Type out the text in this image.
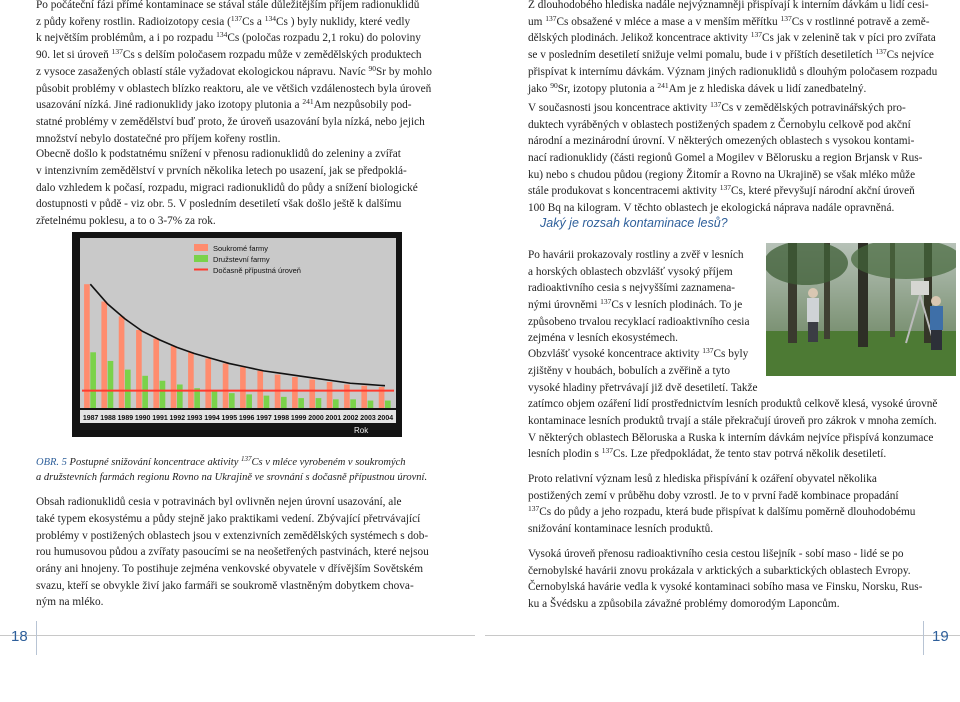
Po počáteční fázi přímé kontaminace se stával stále důležitějším příjem radionuklidů

z půdy kořeny rostlin. Radioizotopy cesia ($^{137}$Cs a $^{134}$Cs ) byly nuklidy, které vedly

k největším problémům, a i po rozpadu $^{134}$Cs (poločas rozpadu 2,1 roku) do poloviny

90. let si úroveň $^{137}$Cs s delším poločasem rozpadu může v zemědělských produktech

z vysoce zasažených oblastí stále vyžadovat ekologickou nápravu. Navíc $^{90}$Sr by mohlo

působit problémy v oblastech blízko reaktoru, ale ve většich vzdálenostech byla úroveň

usazování nízká. Jiné radionuklidy jako izotopy plutonia a $^{241}$Am nezpůsobily pod-

statné problémy v zemědělství buď proto, že úroveň usazování byla nízká, nebo jejich

množství nebylo dostatečné pro příjem kořeny rostlin.

Obecně došlo k podstatnému snížení v přenosu radionuklidů do zeleniny a zvířat

v intenzivním zemědělství v prvních několika letech po usazení, jak se předpoklá-

dalo vzhledem k počasí, rozpadu, migraci radionuklidů do půdy a snížení biologické

dostupnosti v půdě - viz obr. 5. V posledním desetiletí však došlo ještě k dalšímu

zřetelnému poklesu, a to o 3-7% za rok.

1987 1988 1989 1990 1991 1992 1993 1994 1995 1996 1997 1998 1999 2000 2001 2002 2003 2004
Rok
Soukromé farmy
Družstevní farmy
Dočasně přípustná úroveň

OBR. 5 Postupné snižování koncentrace aktivity $^{137}$Cs v mléce vyrobeném v soukromých

a družstevních farmách regionu Rovno na Ukrajině ve srovnání s dočasně přípustnou úrovní.

Obsah radionuklidů cesia v potravinách byl ovlivněn nejen úrovní usazování, ale

také typem ekosystému a půdy stejně jako praktikami vedení. Zbývající přetrvávající

problémy v postižených oblastech jsou v extenzivních zemědělských systémech s dob-

rou humusovou půdou a zvířaty pasoucími se na neošetřených pastvinách, které nejsou

orány ani hnojeny. To postihuje zejména venkovské obyvatele v dřívějším Sovětském

svazu, kteří se obvykle živí jako farmáři se soukromě vlastněným dobytkem chova-

ným na mléko.

Z dlouhodobého hlediska nadále nejvýznamněji přispívají k interním dávkám u lidí cesi-

um $^{137}$Cs obsažené v mléce a mase a v menším měřítku $^{137}$Cs v rostlinné potravě a země-

dělských plodinách. Jelikož koncentrace aktivity $^{137}$Cs jak v zelenině tak v píci pro zvířata

se v posledním desetiletí snižuje velmi pomalu, bude i v příštích desetiletích $^{137}$Cs nejvíce

přispívat k internímu dávkám. Význam jiných radionuklidů s dlouhým poločasem rozpadu

jako $^{90}$Sr, izotopy plutonia a $^{241}$Am je z hlediska dávek u lidí zanedbatelný.

V současnosti jsou koncentrace aktivity $^{137}$Cs v zemědělských potravinářských pro-

duktech vyráběných v oblastech postižených spadem z Černobylu celkově pod akční

národní a mezinárodní úrovní. V některých omezených oblastech s vysokou kontami-

nací radionuklidy (části regionů Gomel a Mogilev v Bělorusku a region Brjansk v Rus-

ku) nebo s chudou půdou (regiony Žitomír a Rovno na Ukrajině) se však mléko může

stále produkovat s koncentracemi aktivity $^{137}$Cs, které převyšují národní akční úroveň

100 Bq na kilogram. V těchto oblastech je ekologická náprava nadále opravněná.

Jaký je rozsah kontaminace lesů?

Po havárii prokazovaly rostliny a zvěř v lesních

a horských oblastech obzvlášť vysoký příjem

radioaktivního cesia s nejvyššími zaznamena-

nými úrovněmi $^{137}$Cs v lesních plodinách. To je

způsobeno trvalou recyklací radioaktivního cesia

zejména v lesních ekosystémech.

Obzvlášť vysoké koncentrace aktivity $^{137}$Cs byly

zjištěny v houbách, bobulích a zvěřině a tyto

vysoké hladiny přetrvávají již dvě desetiletí. Takže

zatímco objem ozáření lidí prostřednictvím lesních produktů celkově klesá, vysoké úrovně

kontaminace lesních produktů trvají a stále překračují úroveň pro zákrok v mnoha zemích.

V některých oblastech Běloruska a Ruska k interním dávkám nejvíce přispívá konzumace

lesních plodin s $^{137}$Cs. Lze předpokládat, že tento stav potrvá několik desetiletí.

Proto relativní význam lesů z hlediska přispívání k ozáření obyvatel několika

postižených zemí v průběhu doby vzrostl. Je to v první řadě kombinace propadání

$^{137}$Cs do půdy a jeho rozpadu, která bude přispívat k dalšímu poměrně dlouhodobému

snižování kontaminace lesních produktů.

Vysoká úroveň přenosu radioaktivního cesia cestou lišejník - sobí maso - lidé se po

černobylské havárii znovu prokázala v arktických a subarktických oblastech Evropy.

Černobylská havárie vedla k vysoké kontaminaci sobího masa ve Finsku, Norsku, Rus-

ku a Švédsku a způsobila závažné problémy domorodým Laponcům.

18	19
